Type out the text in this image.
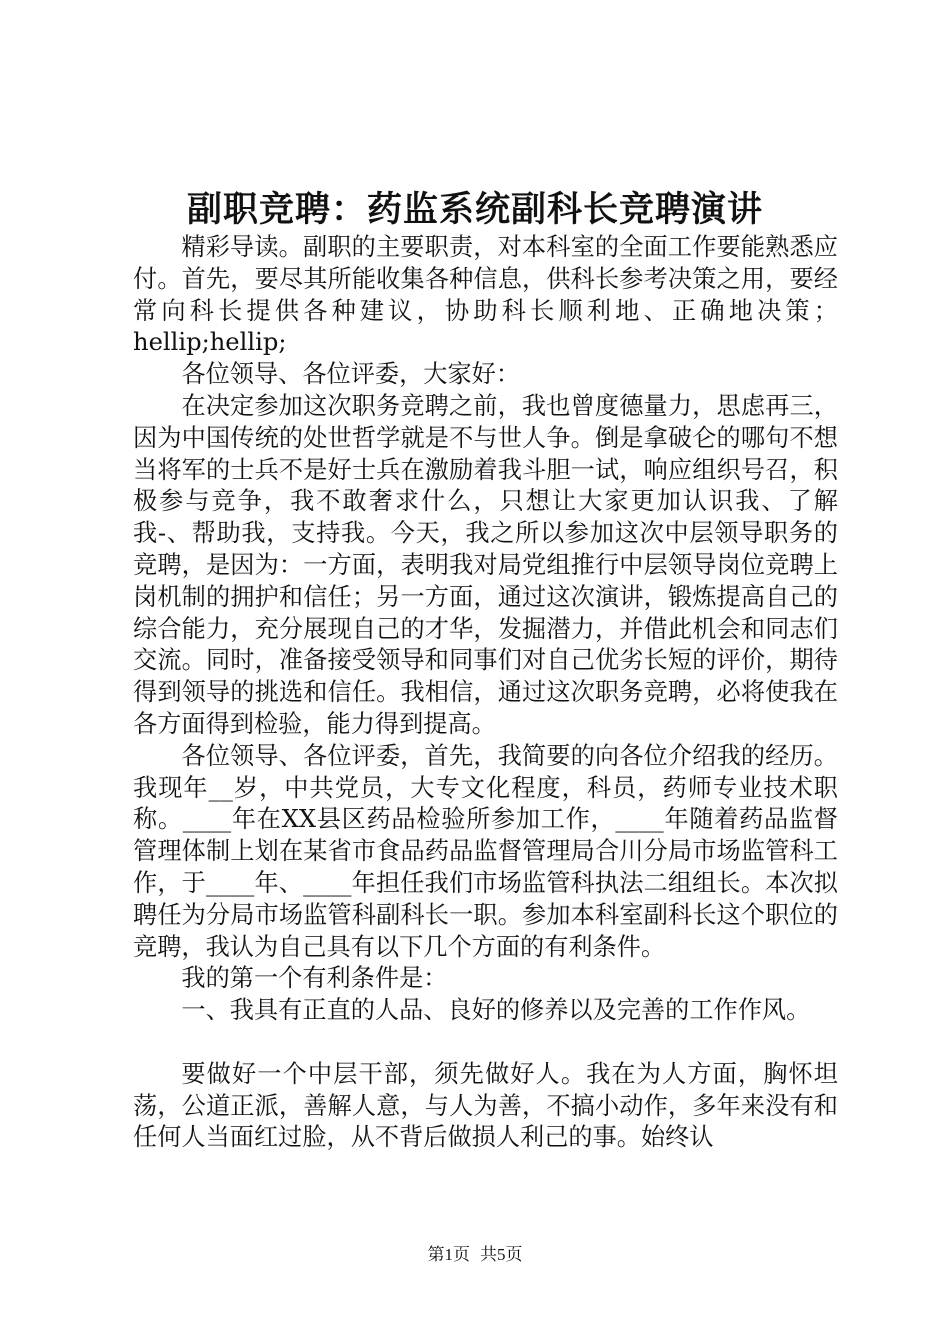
副职竞聘：药监系统副科长竞聘演讲

精彩导读。副职的主要职责，对本科室的全面工作要能熟悉应付。首先，要尽其所能收集各种信息，供科长参考决策之用，要经常向科长提供各种建议，协助科长顺利地、正确地决策；hellip;hellip;

各位领导、各位评委，大家好：

在决定参加这次职务竞聘之前，我也曾度德量力，思虑再三，因为中国传统的处世哲学就是不与世人争。倒是拿破仑的哪句不想当将军的士兵不是好士兵在激励着我斗胆一试，响应组织号召，积极参与竞争，我不敢奢求什么，只想让大家更加认识我、了解我-、帮助我，支持我。今天，我之所以参加这次中层领导职务的竞聘，是因为：一方面，表明我对局党组推行中层领导岗位竞聘上岗机制的拥护和信任；另一方面，通过这次演讲，锻炼提高自己的综合能力，充分展现自己的才华，发掘潜力，并借此机会和同志们交流。同时，准备接受领导和同事们对自己优劣长短的评价，期待得到领导的挑选和信任。我相信，通过这次职务竞聘，必将使我在各方面得到检验，能力得到提高。

各位领导、各位评委，首先，我简要的向各位介绍我的经历。我现年__岁，中共党员，大专文化程度，科员，药师专业技术职称。____年在XX县区药品检验所参加工作，____年随着药品监督管理体制上划在某省市食品药品监督管理局合川分局市场监管科工作，于____年、____年担任我们市场监管科执法二组组长。本次拟聘任为分局市场监管科副科长一职。参加本科室副科长这个职位的竞聘，我认为自己具有以下几个方面的有利条件。

我的第一个有利条件是：

一、我具有正直的人品、良好的修养以及完善的工作作风。

要做好一个中层干部，须先做好人。我在为人方面，胸怀坦荡，公道正派，善解人意，与人为善，不搞小动作，多年来没有和任何人当面红过脸，从不背后做损人利己的事。始终认

第1页 共5页
